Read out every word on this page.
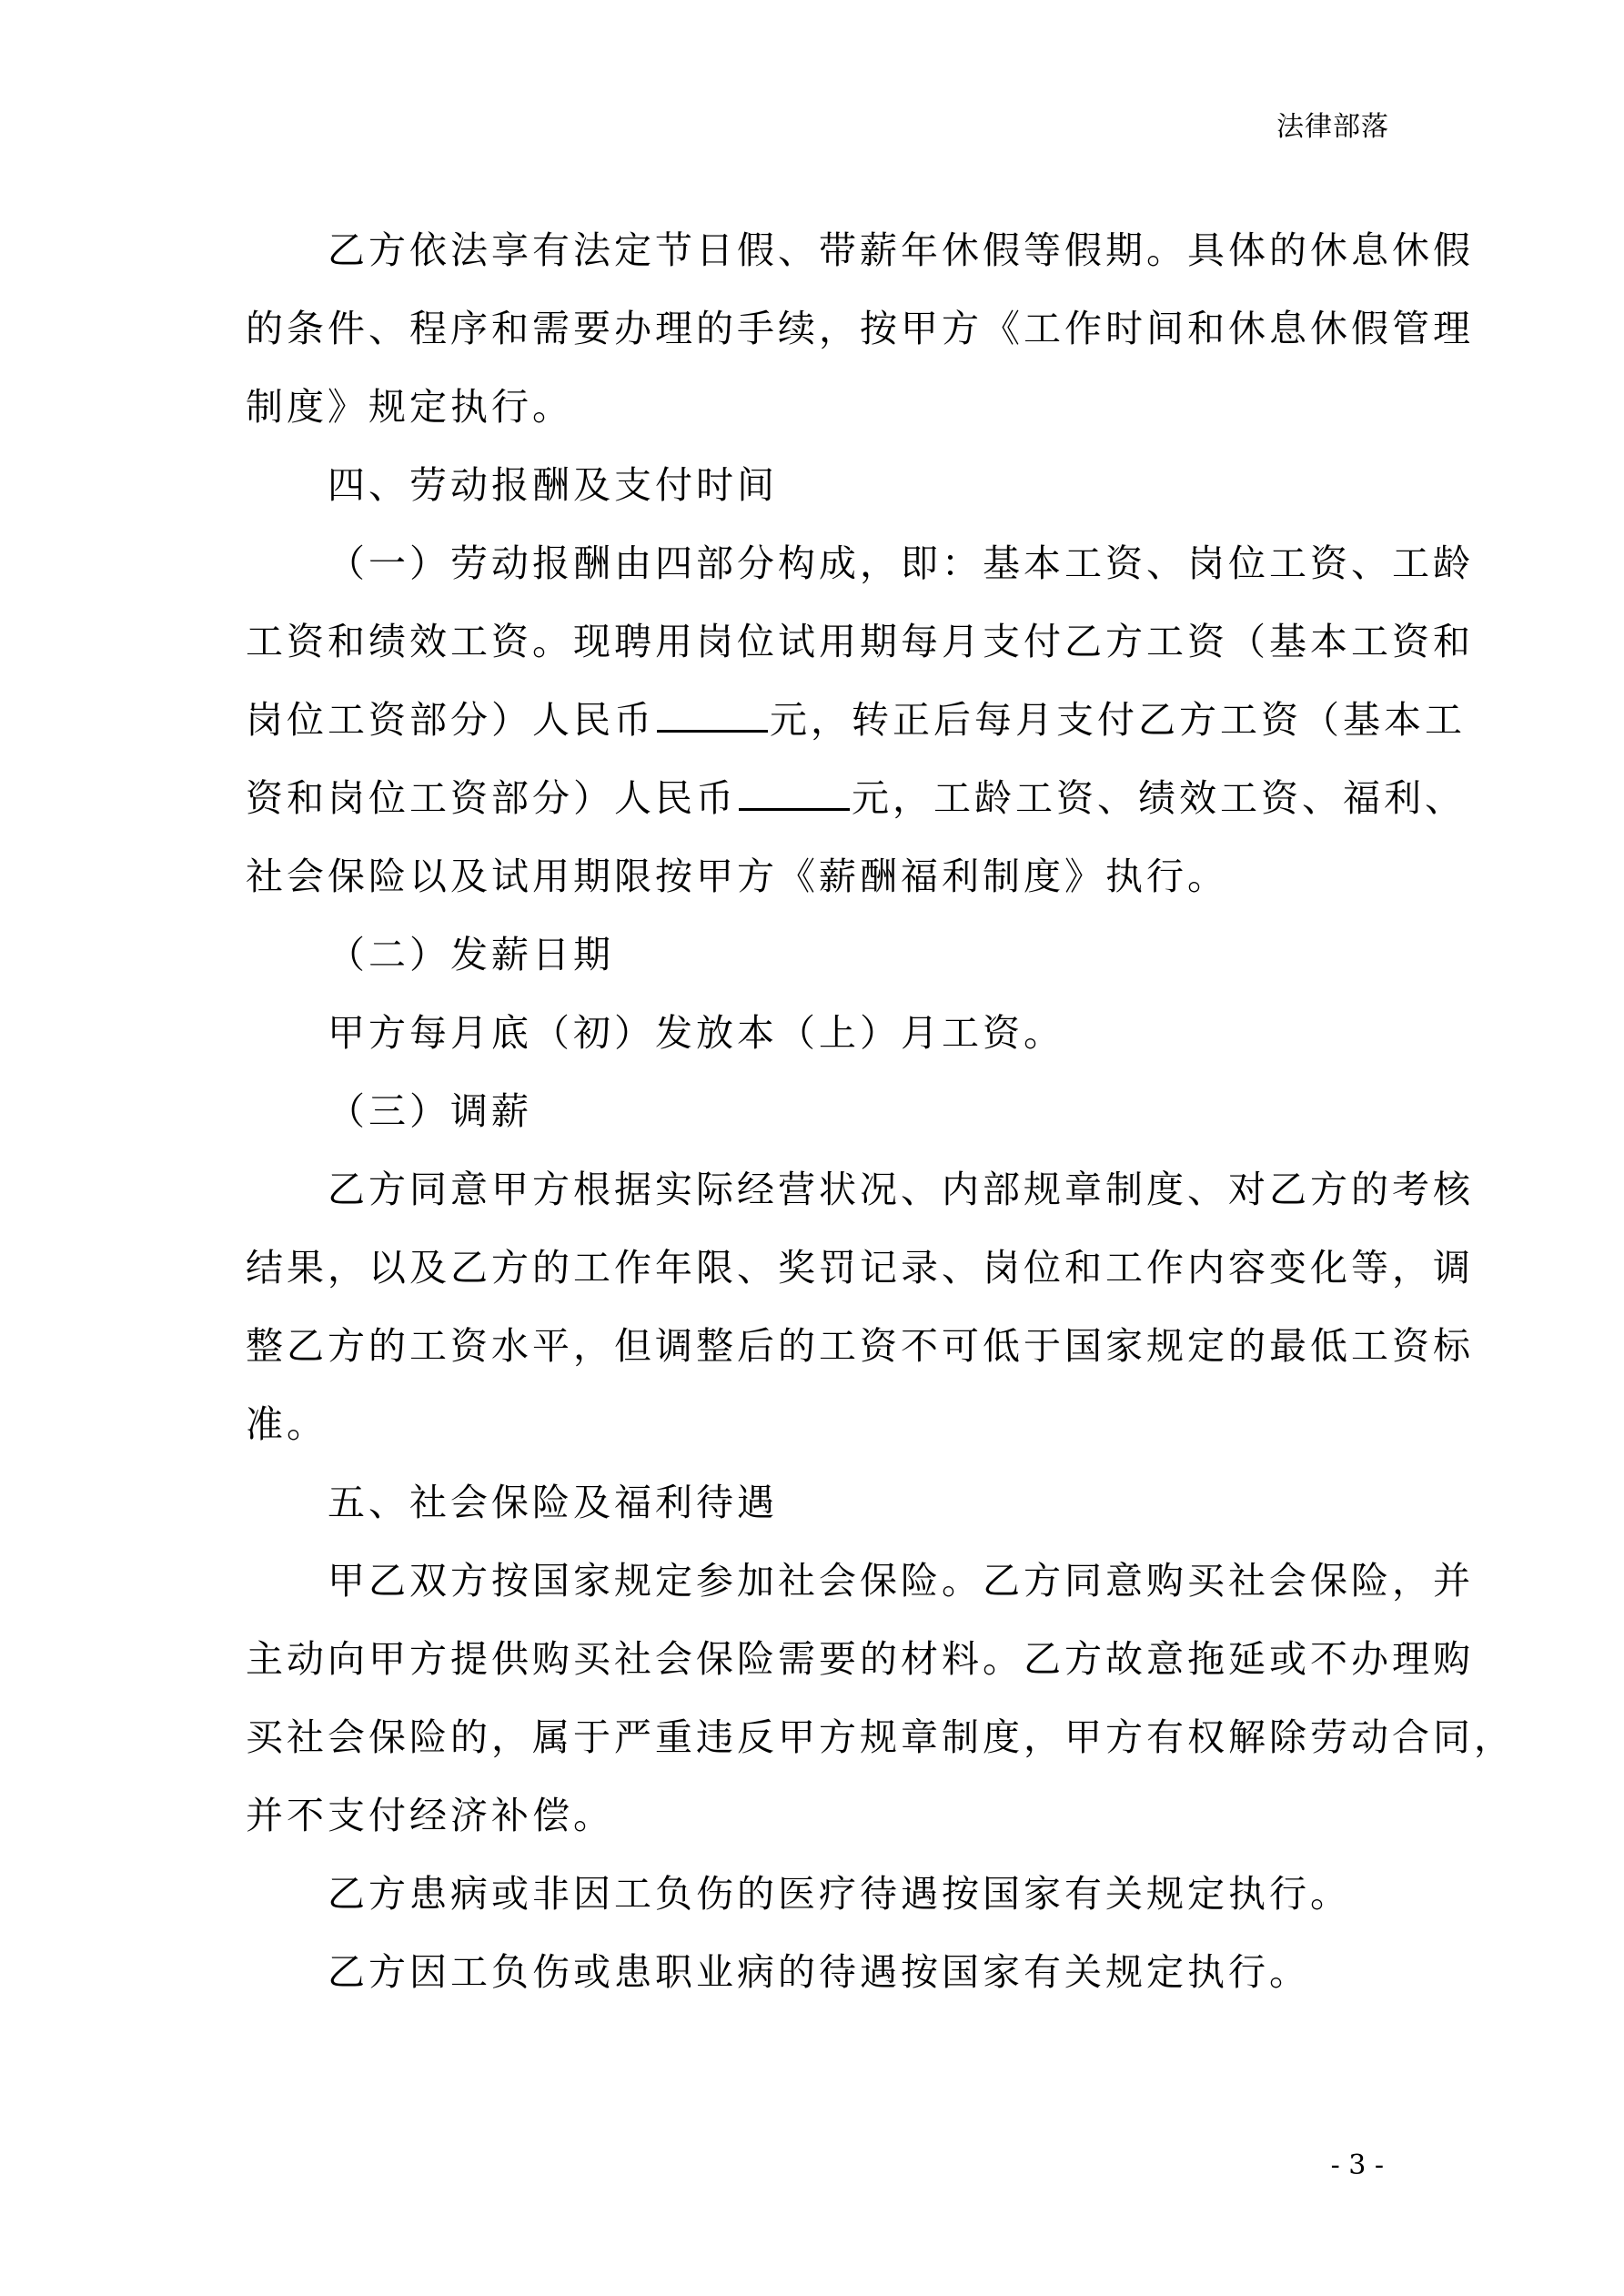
法律部落

乙方依法享有法定节日假、带薪年休假等假期。具体的休息休假

的条件、程序和需要办理的手续，按甲方《工作时间和休息休假管理

制度》规定执行。

四、劳动报酬及支付时间

（一）劳动报酬由四部分构成，即：基本工资、岗位工资、工龄

工资和绩效工资。现聘用岗位试用期每月支付乙方工资（基本工资和

岗位工资部分）人民币	元，转正后每月支付乙方工资（基本工

资和岗位工资部分）人民币	元，工龄工资、绩效工资、福利、

社会保险以及试用期限按甲方《薪酬福利制度》执行。

（二）发薪日期

甲方每月底（初）发放本（上）月工资。

（三）调薪

乙方同意甲方根据实际经营状况、内部规章制度、对乙方的考核

结果，以及乙方的工作年限、奖罚记录、岗位和工作内容变化等，调

整乙方的工资水平，但调整后的工资不可低于国家规定的最低工资标

准。

五、社会保险及福利待遇

甲乙双方按国家规定参加社会保险。乙方同意购买社会保险，并

主动向甲方提供购买社会保险需要的材料。乙方故意拖延或不办理购

买社会保险的，属于严重违反甲方规章制度，甲方有权解除劳动合同，

并不支付经济补偿。

乙方患病或非因工负伤的医疗待遇按国家有关规定执行。

乙方因工负伤或患职业病的待遇按国家有关规定执行。

- 3 -
